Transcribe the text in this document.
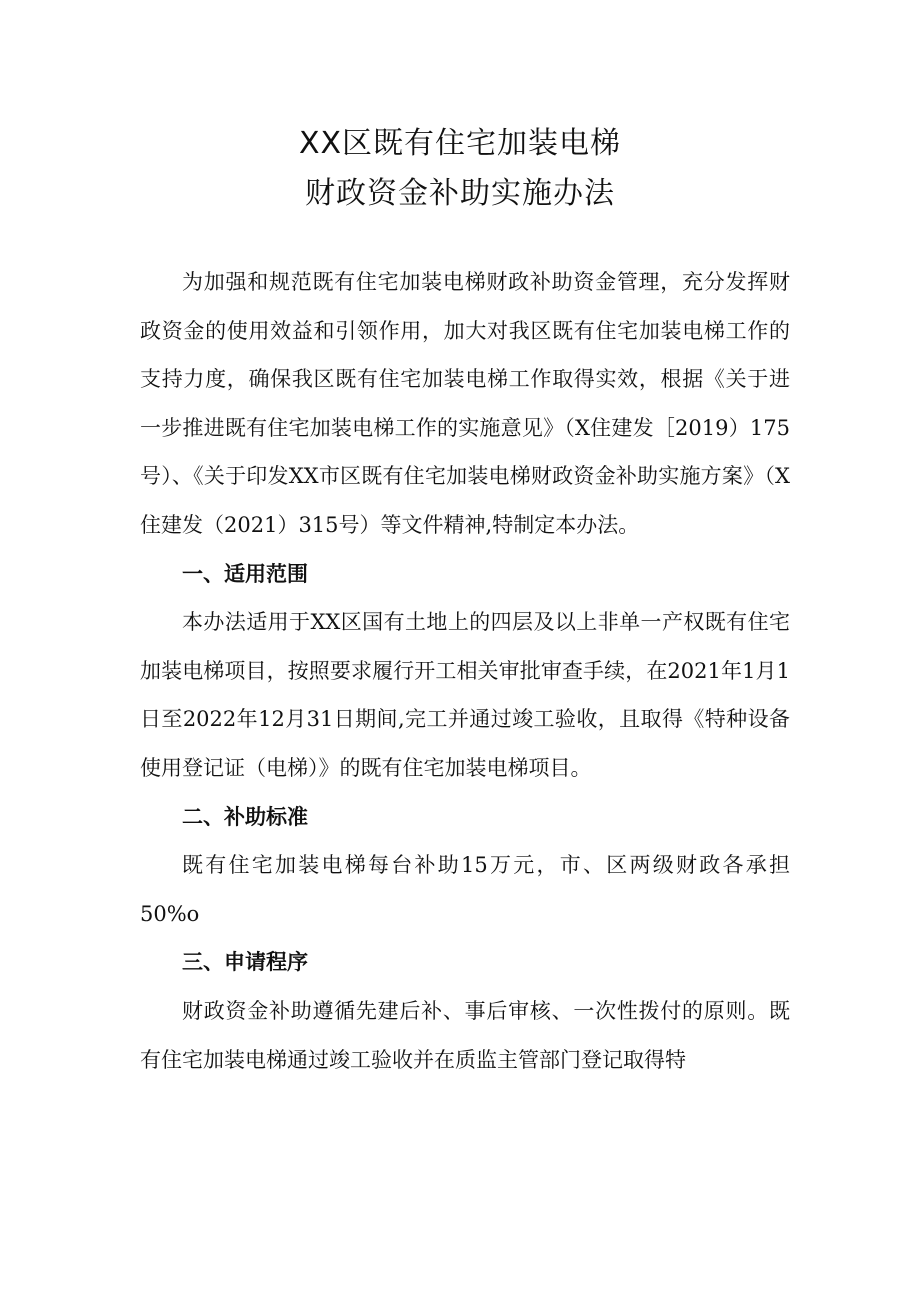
XX区既有住宅加装电梯
财政资金补助实施办法

为加强和规范既有住宅加装电梯财政补助资金管理，充分发挥财政资金的使用效益和引领作用，加大对我区既有住宅加装电梯工作的支持力度，确保我区既有住宅加装电梯工作取得实效，根据《关于进一步推进既有住宅加装电梯工作的实施意见》（X住建发［2019）175号）、《关于印发XX市区既有住宅加装电梯财政资金补助实施方案》（X住建发（2021）315号）等文件精神,特制定本办法。

一、适用范围

本办法适用于XX区国有土地上的四层及以上非单一产权既有住宅加装电梯项目，按照要求履行开工相关审批审查手续，在2021年1月1日至2022年12月31日期间,完工并通过竣工验收，且取得《特种设备使用登记证（电梯）》的既有住宅加装电梯项目。

二、补助标准

既有住宅加装电梯每台补助15万元，市、区两级财政各承担50%o

三、申请程序

财政资金补助遵循先建后补、事后审核、一次性拨付的原则。既有住宅加装电梯通过竣工验收并在质监主管部门登记取得特
